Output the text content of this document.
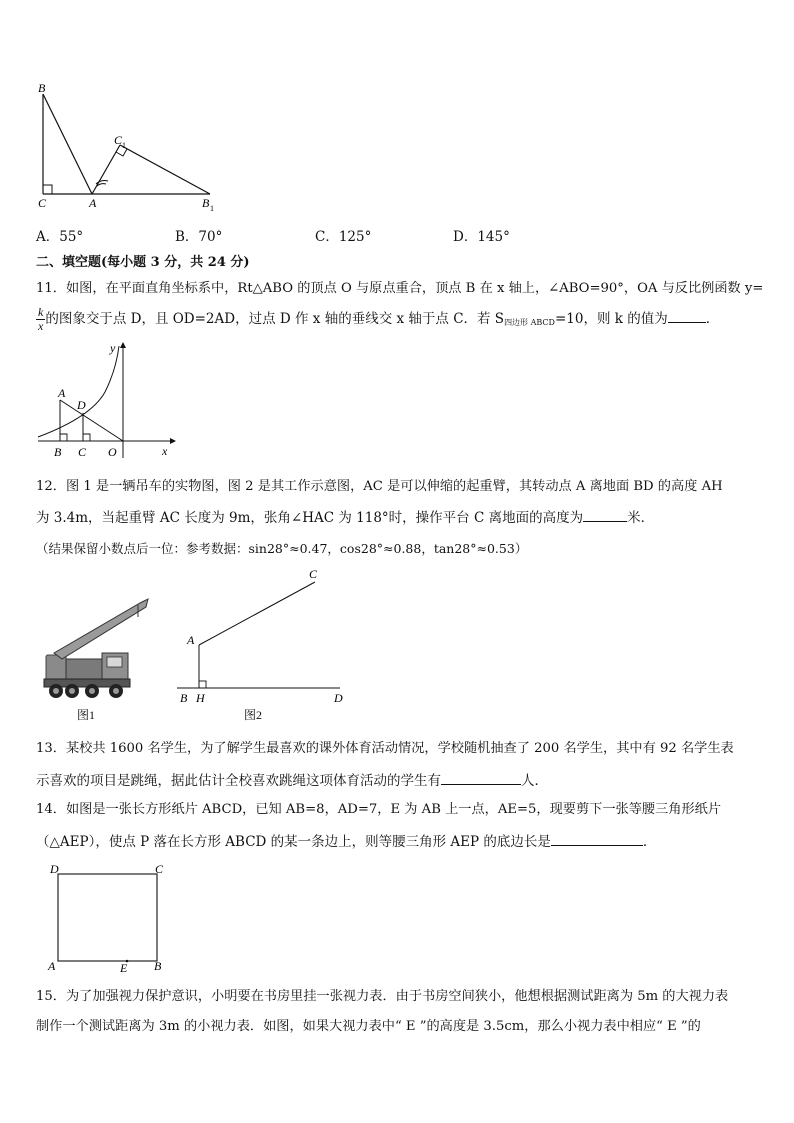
B
C	A	B 1
C 1
A．55°	B．70°	C．125°	D．145°
二、填空题(每小题 3 分，共 24 分)
11．如图，在平面直角坐标系中，Rt△ABO 的顶点 O 与原点重合，顶点 B 在 x 轴上，∠ABO=90°，OA 与反比例函数 y=
$\frac{k}{x}$ 的图象交于点 D，且 OD=2AD，过点 D 作 x 轴的垂线交 x 轴于点 C．若 $S_{四边形 ABCD}=10$，则 k 的值为	．
y
x
A
D
B C O
12．图 1 是一辆吊车的实物图，图 2 是其工作示意图，AC 是可以伸缩的起重臂，其转动点 A 离地面 BD 的高度 AH
为 3.4m，当起重臂 AC 长度为 9m，张角∠HAC 为 118°时，操作平台 C 离地面的高度为	米．
（结果保留小数点后一位：参考数据：sin28°≈0.47，cos28°≈0.88，tan28°≈0.53）
图1
C
A
B H	D
图2
13．某校共 1600 名学生，为了解学生最喜欢的课外体育活动情况，学校随机抽查了 200 名学生，其中有 92 名学生表
示喜欢的项目是跳绳，据此估计全校喜欢跳绳这项体育活动的学生有	人．
14．如图是一张长方形纸片 ABCD，已知 AB=8，AD=7，E 为 AB 上一点，AE=5，现要剪下一张等腰三角形纸片
（△AEP），使点 P 落在长方形 ABCD 的某一条边上，则等腰三角形 AEP 的底边长是	．
D	C
A	E B
15．为了加强视力保护意识，小明要在书房里挂一张视力表．由于书房空间狭小，他想根据测试距离为 5m 的大视力表
制作一个测试距离为 3m 的小视力表．如图，如果大视力表中“ E ”的高度是 3.5cm，那么小视力表中相应“ E ”的
